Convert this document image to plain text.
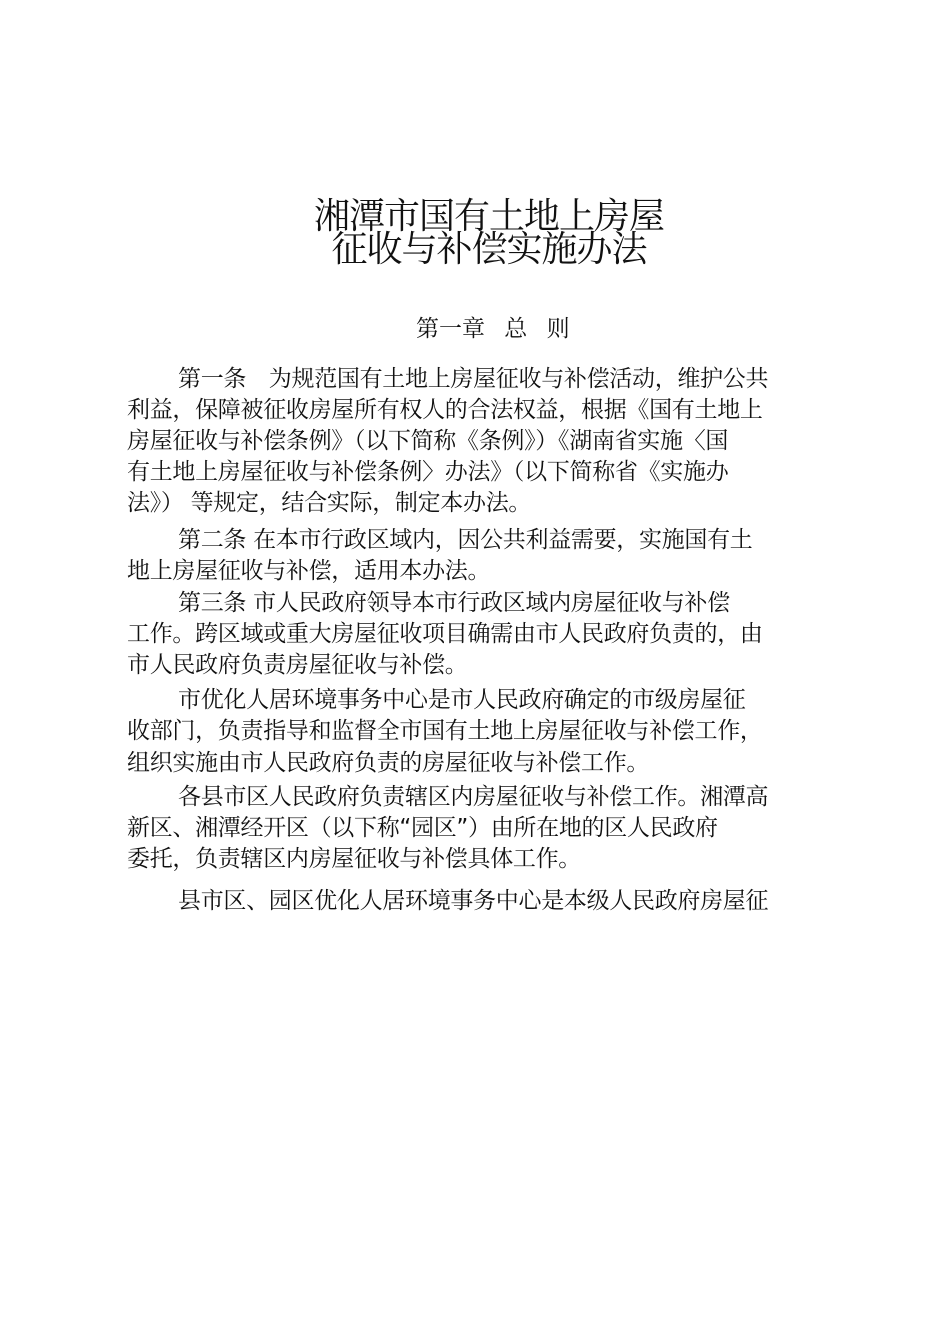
湘潭市国有土地上房屋
征收与补偿实施办法
第一章 总 则

第一条　为规范国有土地上房屋征收与补偿活动，维护公共

利益，保障被征收房屋所有权人的合法权益，根据《国有土地上

房屋征收与补偿条例》（以下简称《条例》）《湖南省实施〈国

有土地上房屋征收与补偿条例〉办法》（以下简称省《实施办

法》） 等规定，结合实际，制定本办法。

第二条 在本市行政区域内，因公共利益需要，实施国有土

地上房屋征收与补偿，适用本办法。

第三条 市人民政府领导本市行政区域内房屋征收与补偿

工作。跨区域或重大房屋征收项目确需由市人民政府负责的，由

市人民政府负责房屋征收与补偿。

市优化人居环境事务中心是市人民政府确定的市级房屋征

收部门，负责指导和监督全市国有土地上房屋征收与补偿工作，

组织实施由市人民政府负责的房屋征收与补偿工作。

各县市区人民政府负责辖区内房屋征收与补偿工作。湘潭高

新区、湘潭经开区（以下称“园区”）由所在地的区人民政府

委托，负责辖区内房屋征收与补偿具体工作。

县市区、园区优化人居环境事务中心是本级人民政府房屋征
